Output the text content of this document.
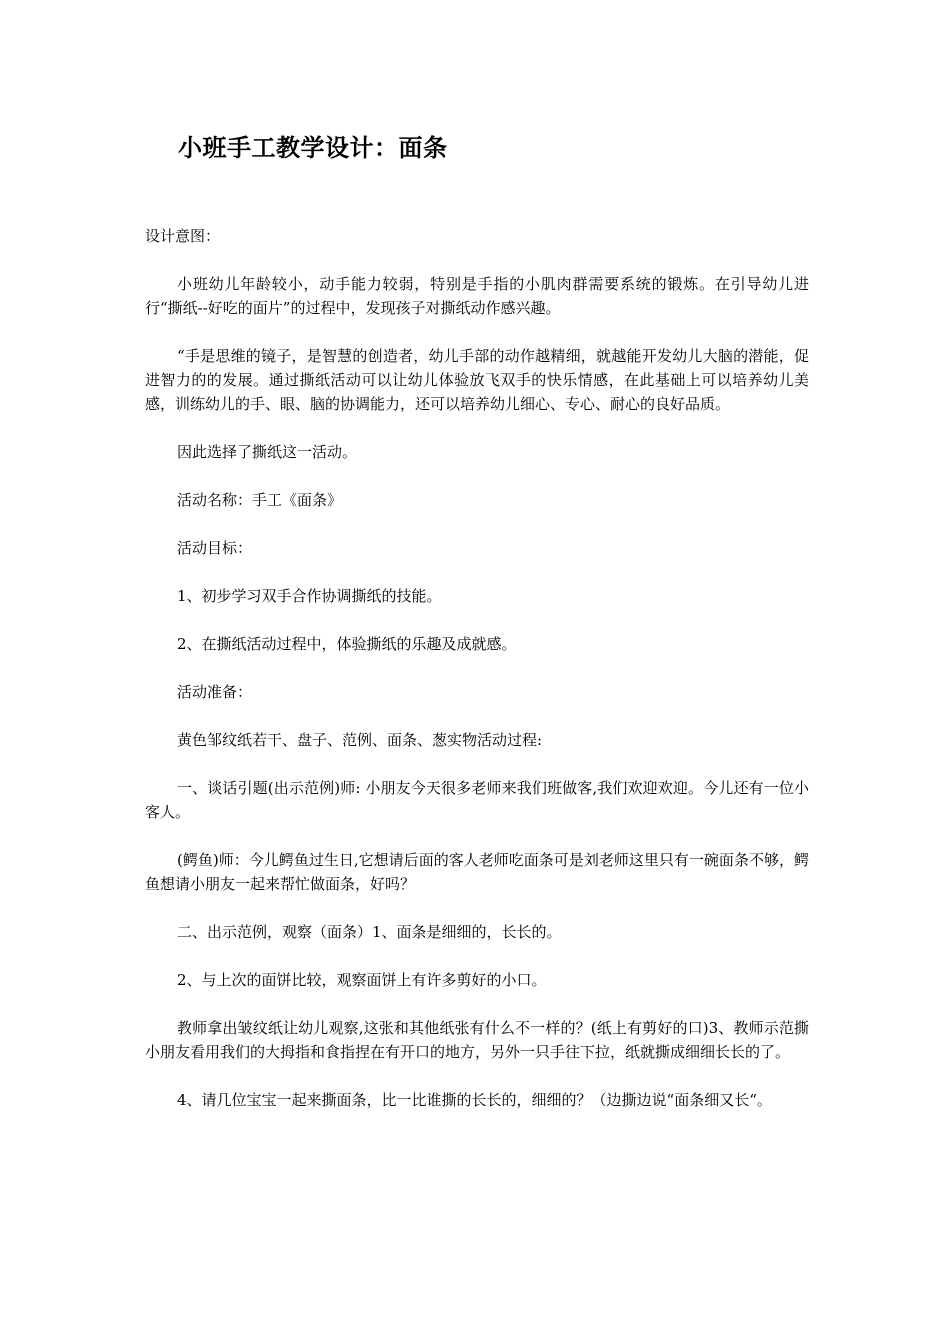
小班手工教学设计：面条

设计意图：

小班幼儿年龄较小，动手能力较弱，特别是手指的小肌肉群需要系统的锻炼。在引导幼儿进行“撕纸--好吃的面片”的过程中，发现孩子对撕纸动作感兴趣。

“手是思维的镜子，是智慧的创造者，幼儿手部的动作越精细，就越能开发幼儿大脑的潜能，促进智力的的发展。通过撕纸活动可以让幼儿体验放飞双手的快乐情感，在此基础上可以培养幼儿美感，训练幼儿的手、眼、脑的协调能力，还可以培养幼儿细心、专心、耐心的良好品质。

因此选择了撕纸这一活动。

活动名称：手工《面条》

活动目标：

1、初步学习双手合作协调撕纸的技能。

2、在撕纸活动过程中，体验撕纸的乐趣及成就感。

活动准备：

黄色邹纹纸若干、盘子、范例、面条、葱实物活动过程:

一、谈话引题(出示范例)师: 小朋友今天很多老师来我们班做客,我们欢迎欢迎。今儿还有一位小客人。

(鳄鱼)师：今儿鳄鱼过生日,它想请后面的客人老师吃面条可是刘老师这里只有一碗面条不够，鳄鱼想请小朋友一起来帮忙做面条，好吗？

二、出示范例，观察（面条）1、面条是细细的，长长的。

2、与上次的面饼比较，观察面饼上有许多剪好的小口。

教师拿出皱纹纸让幼儿观察,这张和其他纸张有什么不一样的？(纸上有剪好的口)3、教师示范撕小朋友看用我们的大拇指和食指捏在有开口的地方，另外一只手往下拉，纸就撕成细细长长的了。

4、请几位宝宝一起来撕面条，比一比谁撕的长长的，细细的？（边撕边说“面条细又长“。
